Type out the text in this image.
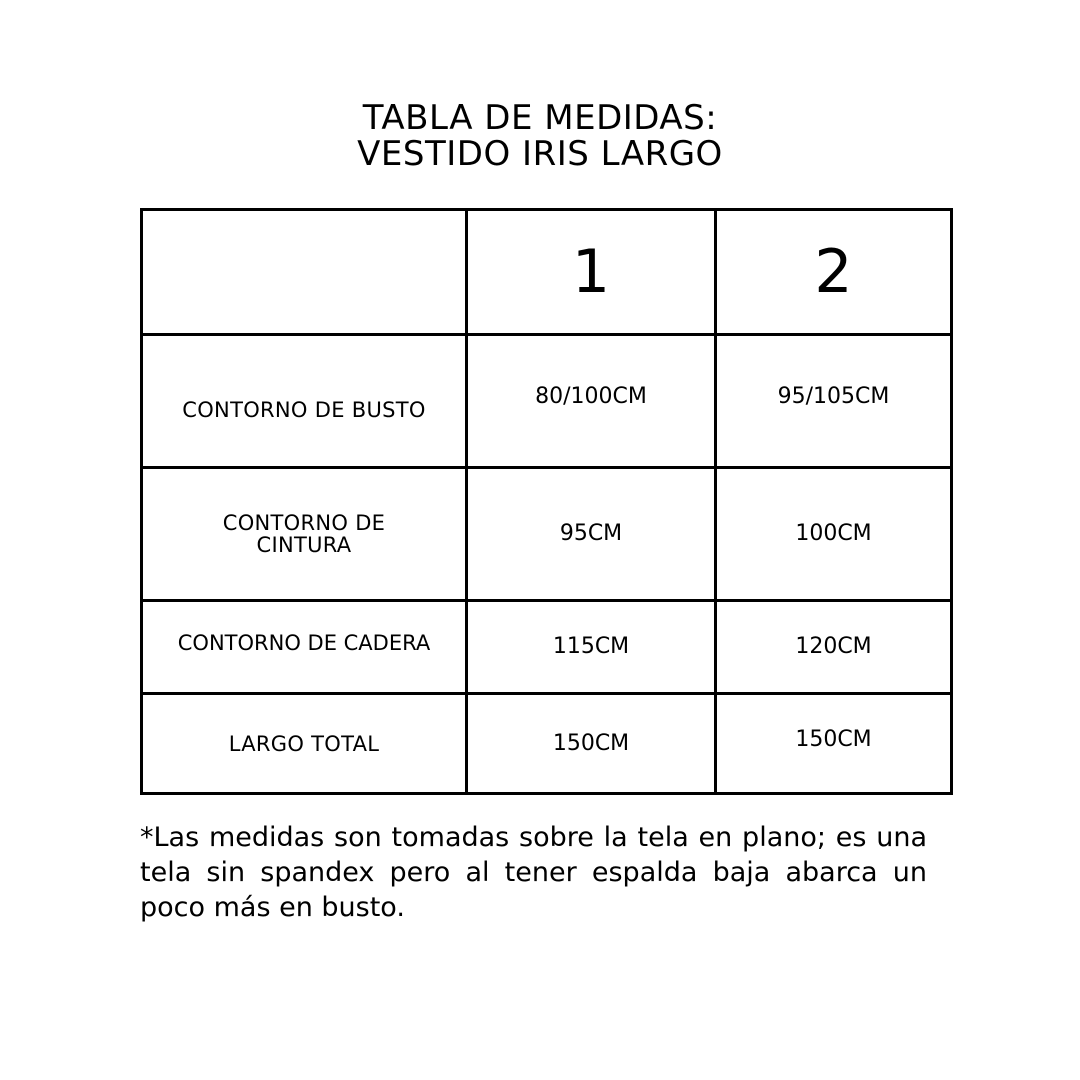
TABLA DE MEDIDAS:
VESTIDO IRIS LARGO
	1	2
CONTORNO DE BUSTO	80/100CM	95/105CM

CONTORNO DE
CINTURA	95CM	100CM
CONTORNO DE CADERA	115CM	120CM
LARGO TOTAL	150CM	150CM
*Las medidas son tomadas sobre la tela en plano; es una tela sin spandex pero al tener espalda baja abarca un poco más en busto.
